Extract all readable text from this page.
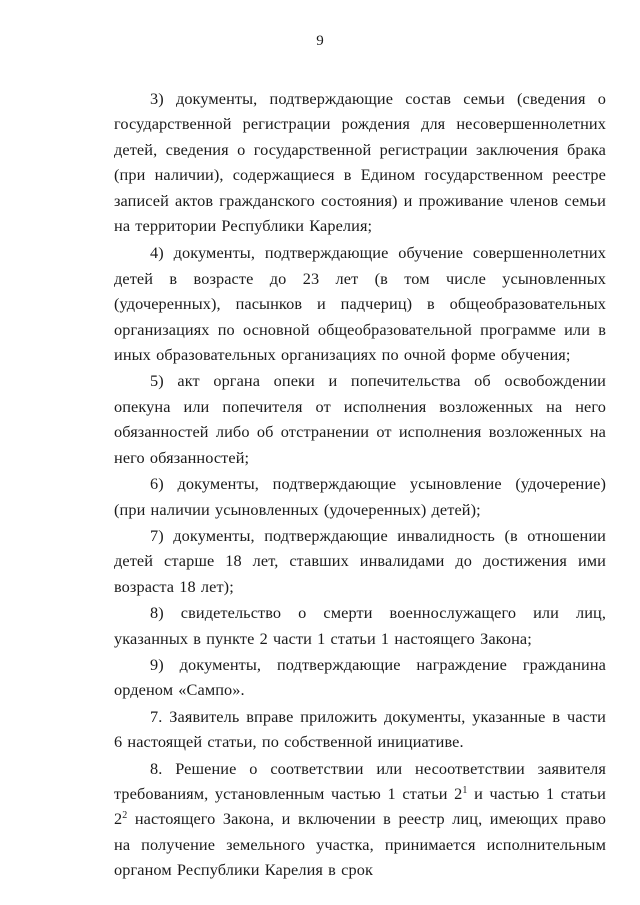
9

3) документы, подтверждающие состав семьи (сведения о государственной регистрации рождения для несовершеннолетних детей, сведения о государственной регистрации заключения брака (при наличии), содержащиеся в Едином государственном реестре записей актов гражданского состояния) и проживание членов семьи на территории Республики Карелия;

4) документы, подтверждающие обучение совершеннолетних детей в возрасте до 23 лет (в том числе усыновленных (удочеренных), пасынков и падчериц) в общеобразовательных организациях по основной общеобразовательной программе или в иных образовательных организациях по очной форме обучения;

5) акт органа опеки и попечительства об освобождении опекуна или попечителя от исполнения возложенных на него обязанностей либо об отстранении от исполнения возложенных на него обязанностей;

6) документы, подтверждающие усыновление (удочерение) (при наличии усыновленных (удочеренных) детей);

7) документы, подтверждающие инвалидность (в отношении детей старше 18 лет, ставших инвалидами до достижения ими возраста 18 лет);

8) свидетельство о смерти военнослужащего или лиц, указанных в пункте 2 части 1 статьи 1 настоящего Закона;

9) документы, подтверждающие награждение гражданина орденом «Сампо».

7. Заявитель вправе приложить документы, указанные в части 6 настоящей статьи, по собственной инициативе.

8. Решение о соответствии или несоответствии заявителя требованиям, установленным частью 1 статьи $2^1$ и частью 1 статьи $2^2$ настоящего Закона, и включении в реестр лиц, имеющих право на получение земельного участка, принимается исполнительным органом Республики Карелия в срок
